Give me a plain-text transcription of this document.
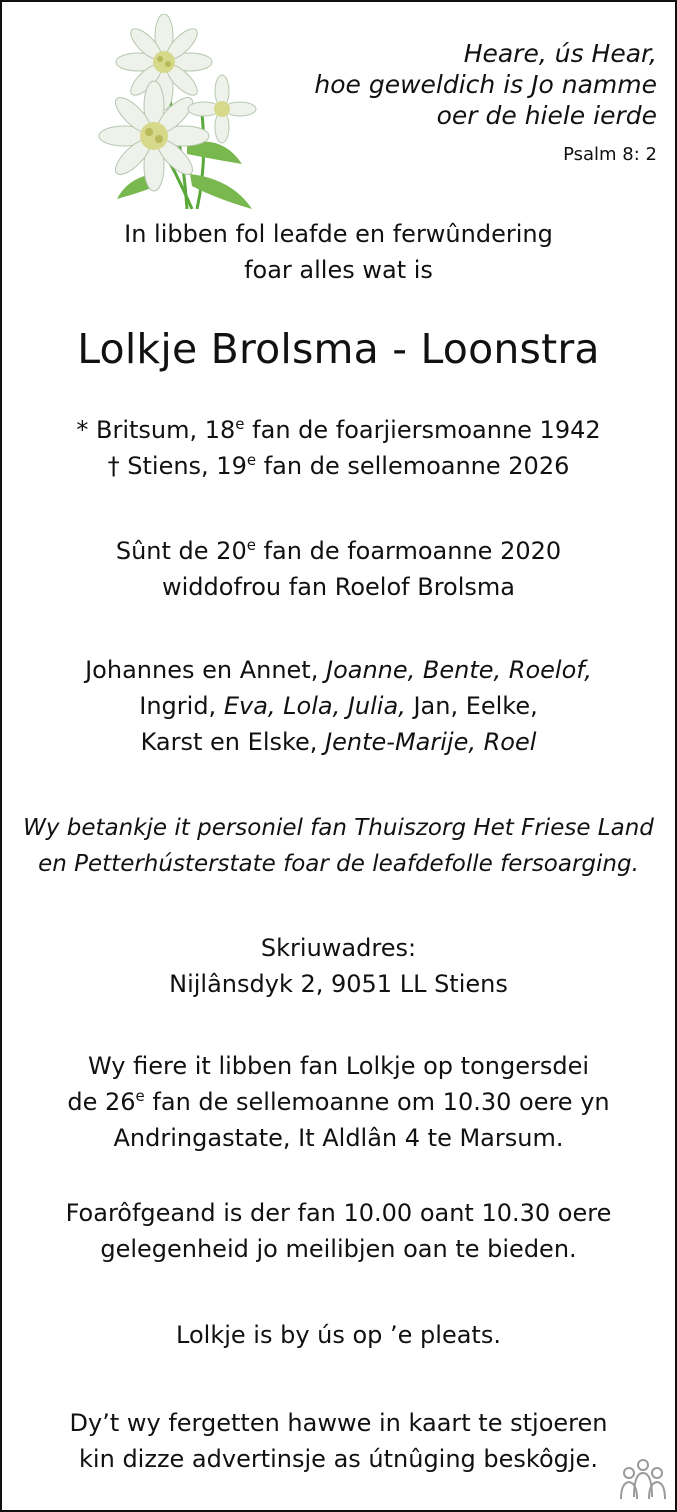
Heare, ús Hear,
hoe geweldich is Jo namme
oer de hiele ierde
Psalm 8: 2
In libben fol leafde en ferwûndering
foar alles wat is
Lolkje Brolsma - Loonstra
* Britsum, 18e fan de foarjiersmoanne 1942
† Stiens, 19e fan de sellemoanne 2026
Sûnt de 20e fan de foarmoanne 2020
widdofrou fan Roelof Brolsma
Johannes en Annet, Joanne, Bente, Roelof,
Ingrid, Eva, Lola, Julia, Jan, Eelke,
Karst en Elske, Jente-Marije, Roel
Wy betankje it personiel fan Thuiszorg Het Friese Land
en Petterhústerstate foar de leafdefolle fersoarging.
Skriuwadres:
Nijlânsdyk 2, 9051 LL Stiens
Wy fiere it libben fan Lolkje op tongersdei
de 26e fan de sellemoanne om 10.30 oere yn
Andringastate, It Aldlân 4 te Marsum.
Foarôfgeand is der fan 10.00 oant 10.30 oere
gelegenheid jo meilibjen oan te bieden.
Lolkje is by ús op ’e pleats.
Dy’t wy fergetten hawwe in kaart te stjoeren
kin dizze advertinsje as útnûging beskôgje.
